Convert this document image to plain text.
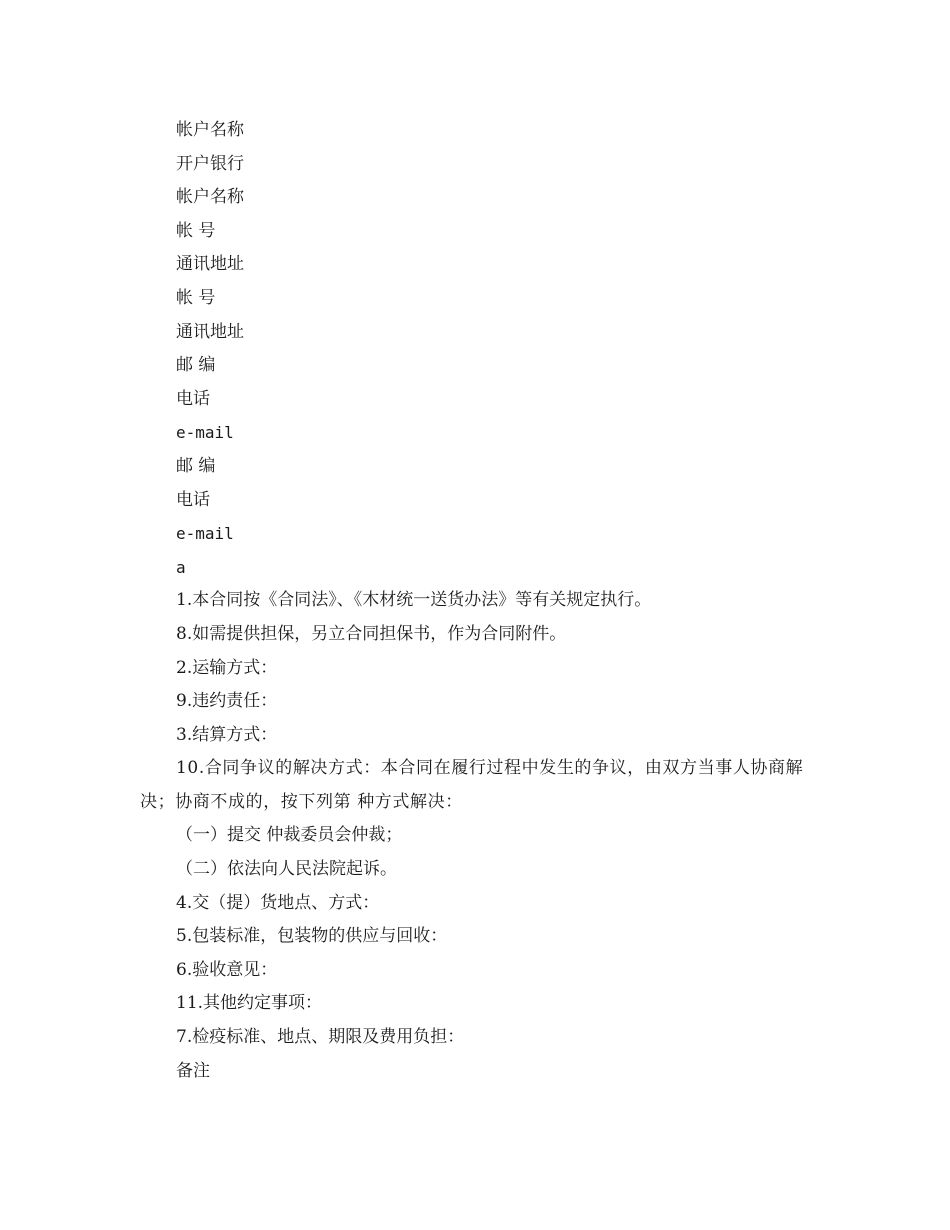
帐户名称
开户银行
帐户名称
帐 号
通讯地址
帐 号
通讯地址
邮 编
电话
e-mail
邮 编
电话
e-mail
a
1.本合同按《合同法》、《木材统一送货办法》等有关规定执行。
8.如需提供担保，另立合同担保书，作为合同附件。
2.运输方式：
9.违约责任：
3.结算方式：
10.合同争议的解决方式：本合同在履行过程中发生的争议，由双方当事人协商解决；协商不成的，按下列第 种方式解决：
（一）提交 仲裁委员会仲裁；
（二）依法向人民法院起诉。
4.交（提）货地点、方式：
5.包装标准，包装物的供应与回收：
6.验收意见：
11.其他约定事项：
7.检疫标准、地点、期限及费用负担：
备注
